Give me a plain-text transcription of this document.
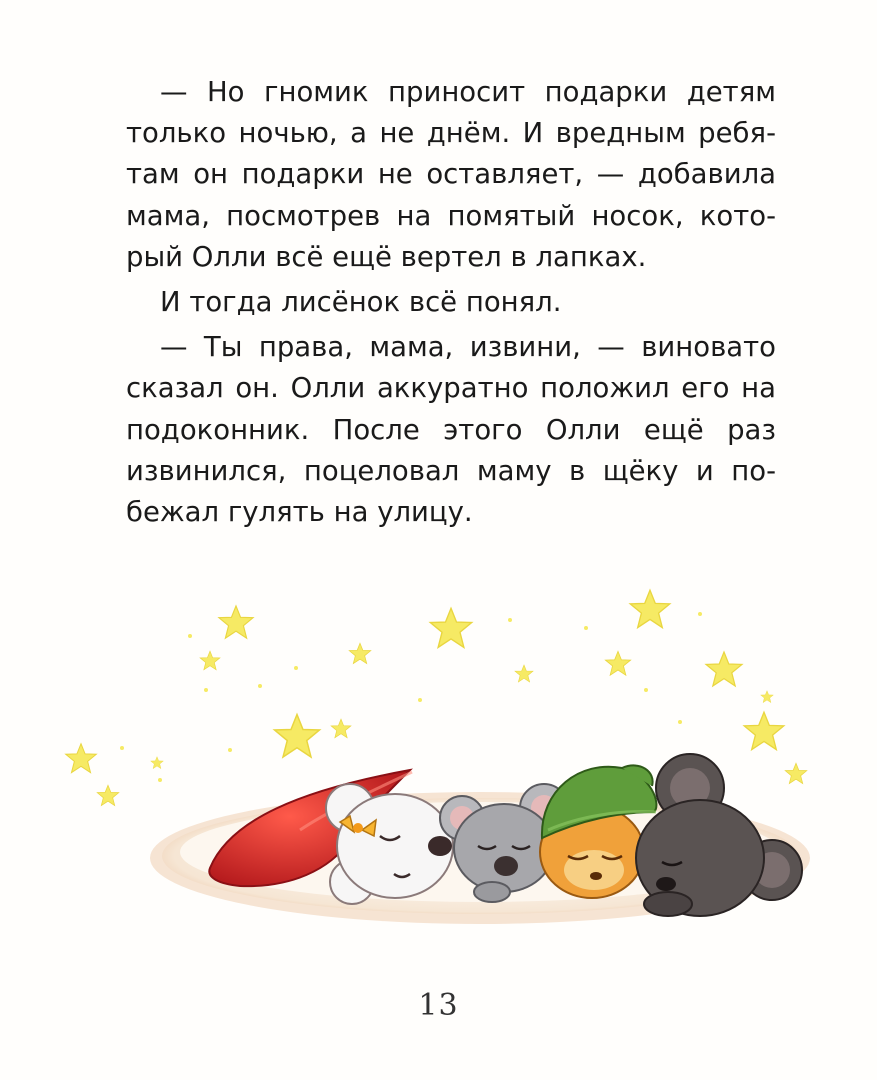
— Но гномик приносит подарки детям только ночью, а не днём. И вредным ребятам он подарки не оставляет, — добавила мама, посмотрев на помятый носок, который Олли всё ещё вертел в лапках.

И тогда лисёнок всё понял.

— Ты права, мама, извини, — виновато сказал он. Олли аккуратно положил его на подоконник. После этого Олли ещё раз извинился, поцеловал маму в щёку и побежал гулять на улицу.

13
